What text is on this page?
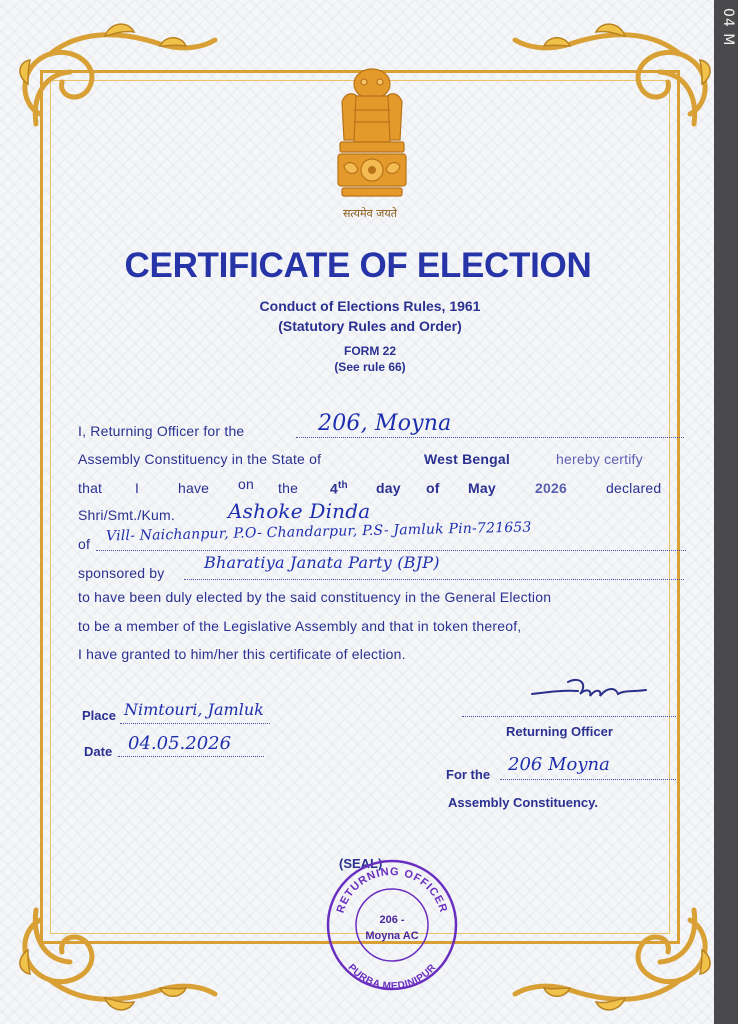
सत्यमेव जयते
CERTIFICATE OF ELECTION
Conduct of Elections Rules, 1961
(Statutory Rules and Order)
FORM 22
(See rule 66)
I, Returning Officer for the	206, Moyna
Assembly Constituency in the State of	West Bengal	hereby certify
that I	have on the 4th day of May	2026	declared
Shri/Smt./Kum.	Ashoke Dinda
of Vill- Naichanpur, P.O- Chandarpur, P.S- Jamluk Pin-721653
sponsored by
Bharatiya Janata Party (BJP)
to have been duly elected by the said constituency in the General Election
to be a member of the Legislative Assembly and that in token thereof,
I have granted to him/her this certificate of election.
Place Nimtouri, Jamluk
Date 04.05.2026
Returning Officer
For the 206 Moyna
Assembly Constituency.
(SEAL)
RETURNING OFFICER
PURBA MEDINIPUR
206 -
Moyna AC
04 M
